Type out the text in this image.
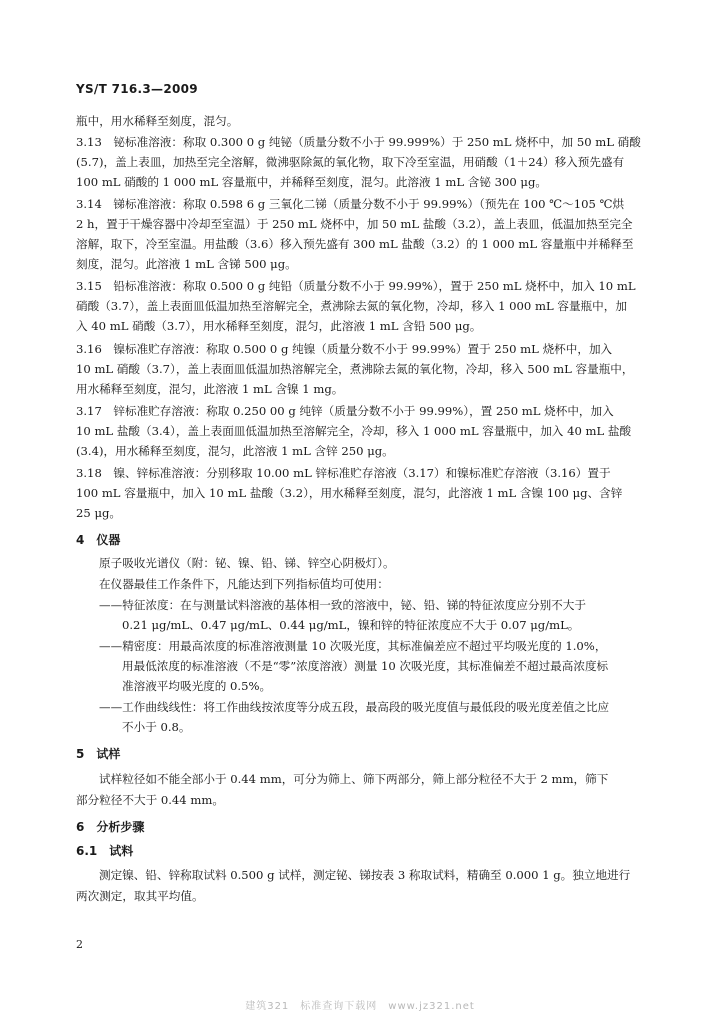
YS/T 716.3—2009
瓶中，用水稀释至刻度，混匀。
3.13　铋标准溶液：称取 0.300 0 g 纯铋（质量分数不小于 99.999%）于 250 mL 烧杯中，加 50 mL 硝酸
(5.7)，盖上表皿，加热至完全溶解，微沸驱除氮的氧化物，取下冷至室温，用硝酸（1＋24）移入预先盛有
100 mL 硝酸的 1 000 mL 容量瓶中，并稀释至刻度，混匀。此溶液 1 mL 含铋 300 μg。
3.14　锑标准溶液：称取 0.598 6 g 三氧化二锑（质量分数不小于 99.99%）（预先在 100 ℃～105 ℃烘
2 h，置于干燥容器中冷却至室温）于 250 mL 烧杯中，加 50 mL 盐酸（3.2），盖上表皿，低温加热至完全
溶解，取下，冷至室温。用盐酸（3.6）移入预先盛有 300 mL 盐酸（3.2）的 1 000 mL 容量瓶中并稀释至
刻度，混匀。此溶液 1 mL 含锑 500 μg。
3.15　铅标准溶液：称取 0.500 0 g 纯铅（质量分数不小于 99.99%），置于 250 mL 烧杯中，加入 10 mL
硝酸（3.7），盖上表面皿低温加热至溶解完全，煮沸除去氮的氧化物，冷却，移入 1 000 mL 容量瓶中，加
入 40 mL 硝酸（3.7），用水稀释至刻度，混匀，此溶液 1 mL 含铅 500 μg。
3.16　镍标准贮存溶液：称取 0.500 0 g 纯镍（质量分数不小于 99.99%）置于 250 mL 烧杯中，加入
10 mL 硝酸（3.7），盖上表面皿低温加热溶解完全，煮沸除去氮的氧化物，冷却，移入 500 mL 容量瓶中，
用水稀释至刻度，混匀，此溶液 1 mL 含镍 1 mg。
3.17　锌标准贮存溶液：称取 0.250 00 g 纯锌（质量分数不小于 99.99%），置 250 mL 烧杯中，加入
10 mL 盐酸（3.4），盖上表面皿低温加热至溶解完全，冷却，移入 1 000 mL 容量瓶中，加入 40 mL 盐酸
(3.4)，用水稀释至刻度，混匀，此溶液 1 mL 含锌 250 μg。
3.18　镍、锌标准溶液：分别移取 10.00 mL 锌标准贮存溶液（3.17）和镍标准贮存溶液（3.16）置于
100 mL 容量瓶中，加入 10 mL 盐酸（3.2），用水稀释至刻度，混匀，此溶液 1 mL 含镍 100 μg、含锌
25 μg。
4　仪器
原子吸收光谱仪（附：铋、镍、铅、锑、锌空心阴极灯）。
在仪器最佳工作条件下，凡能达到下列指标值均可使用：
——特征浓度：在与测量试料溶液的基体相一致的溶液中，铋、铅、锑的特征浓度应分别不大于
0.21 μg/mL、0.47 μg/mL、0.44 μg/mL，镍和锌的特征浓度应不大于 0.07 μg/mL。
——精密度：用最高浓度的标准溶液测量 10 次吸光度，其标准偏差应不超过平均吸光度的 1.0%，
用最低浓度的标准溶液（不是“零”浓度溶液）测量 10 次吸光度，其标准偏差不超过最高浓度标
准溶液平均吸光度的 0.5%。
——工作曲线线性：将工作曲线按浓度等分成五段，最高段的吸光度值与最低段的吸光度差值之比应
不小于 0.8。
5　试样
试样粒径如不能全部小于 0.44 mm，可分为筛上、筛下两部分，筛上部分粒径不大于 2 mm，筛下
部分粒径不大于 0.44 mm。
6　分析步骤
6.1　试料
测定镍、铅、锌称取试料 0.500 g 试样，测定铋、锑按表 3 称取试料，精确至 0.000 1 g。独立地进行
两次测定，取其平均值。
2
建筑321　标准查询下载网　www.jz321.net
